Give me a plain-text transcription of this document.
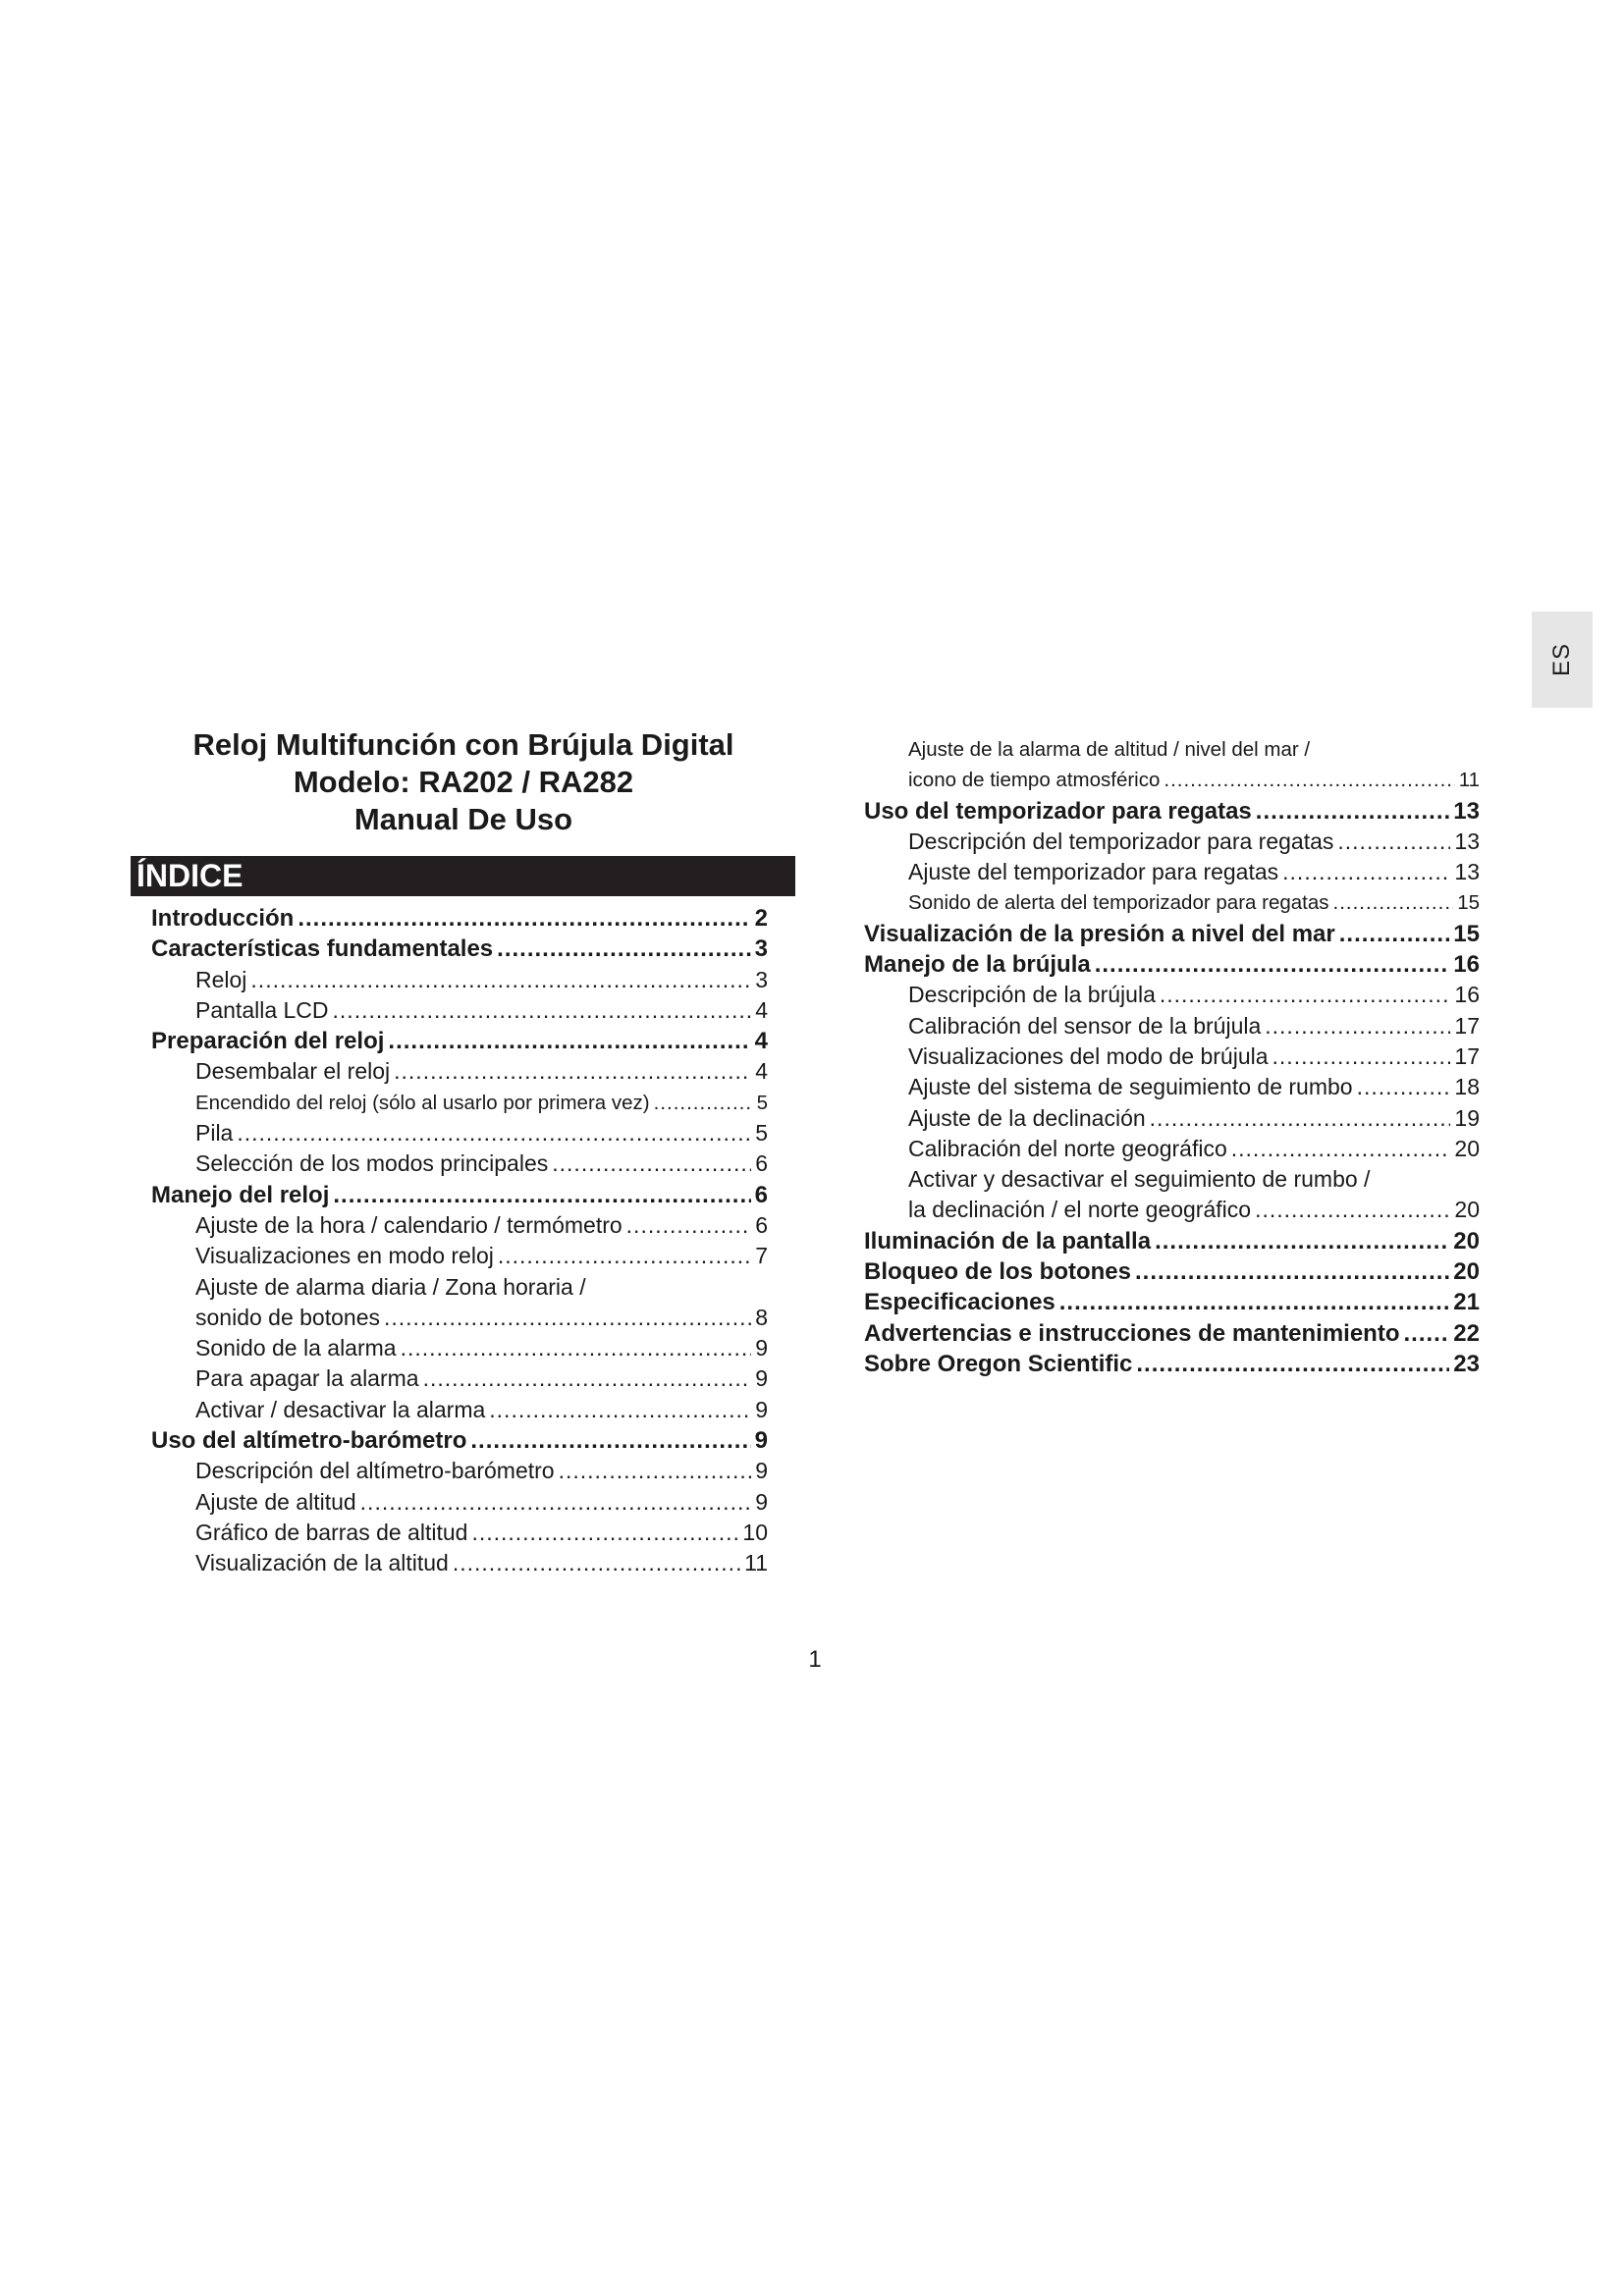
ES
Reloj Multifunción con Brújula Digital
Modelo: RA202 / RA282
Manual De Uso
ÍNDICE
Introducción .....	2
Características fundamentales .....	3
Reloj .....	3
Pantalla LCD .....	4
Preparación del reloj .....	4
Desembalar el reloj .....	4
Encendido del reloj (sólo al usarlo por primera vez) .....	5
Pila .....	5
Selección de los modos principales .....	6
Manejo del reloj .....	6
Ajuste de la hora / calendario / termómetro .....	6
Visualizaciones en modo reloj .....	7
Ajuste de alarma diaria / Zona horaria /
sonido de botones .....	8
Sonido de la alarma .....	9
Para apagar la alarma .....	9
Activar / desactivar la alarma .....	9
Uso del altímetro-barómetro .....	9
Descripción del altímetro-barómetro .....	9
Ajuste de altitud .....	9
Gráfico de barras de altitud .....	10
Visualización de la altitud .....	11
Ajuste de la alarma de altitud / nivel del mar /
icono de tiempo atmosférico .....	11
Uso del temporizador para regatas .....	13
Descripción del temporizador para regatas .....	13
Ajuste del temporizador para regatas .....	13
Sonido de alerta del temporizador para regatas .....	15
Visualización de la presión a nivel del mar .....	15
Manejo de la brújula .....	16
Descripción de la brújula .....	16
Calibración del sensor de la brújula .....	17
Visualizaciones del modo de brújula .....	17
Ajuste del sistema de seguimiento de rumbo .....	18
Ajuste de la declinación .....	19
Calibración del norte geográfico .....	20
Activar y desactivar el seguimiento de rumbo /
la declinación / el norte geográfico .....	20
Iluminación de la pantalla .....	20
Bloqueo de los botones .....	20
Especificaciones .....	21
Advertencias e instrucciones de mantenimiento ..... 22
Sobre Oregon Scientific .....	23
1
